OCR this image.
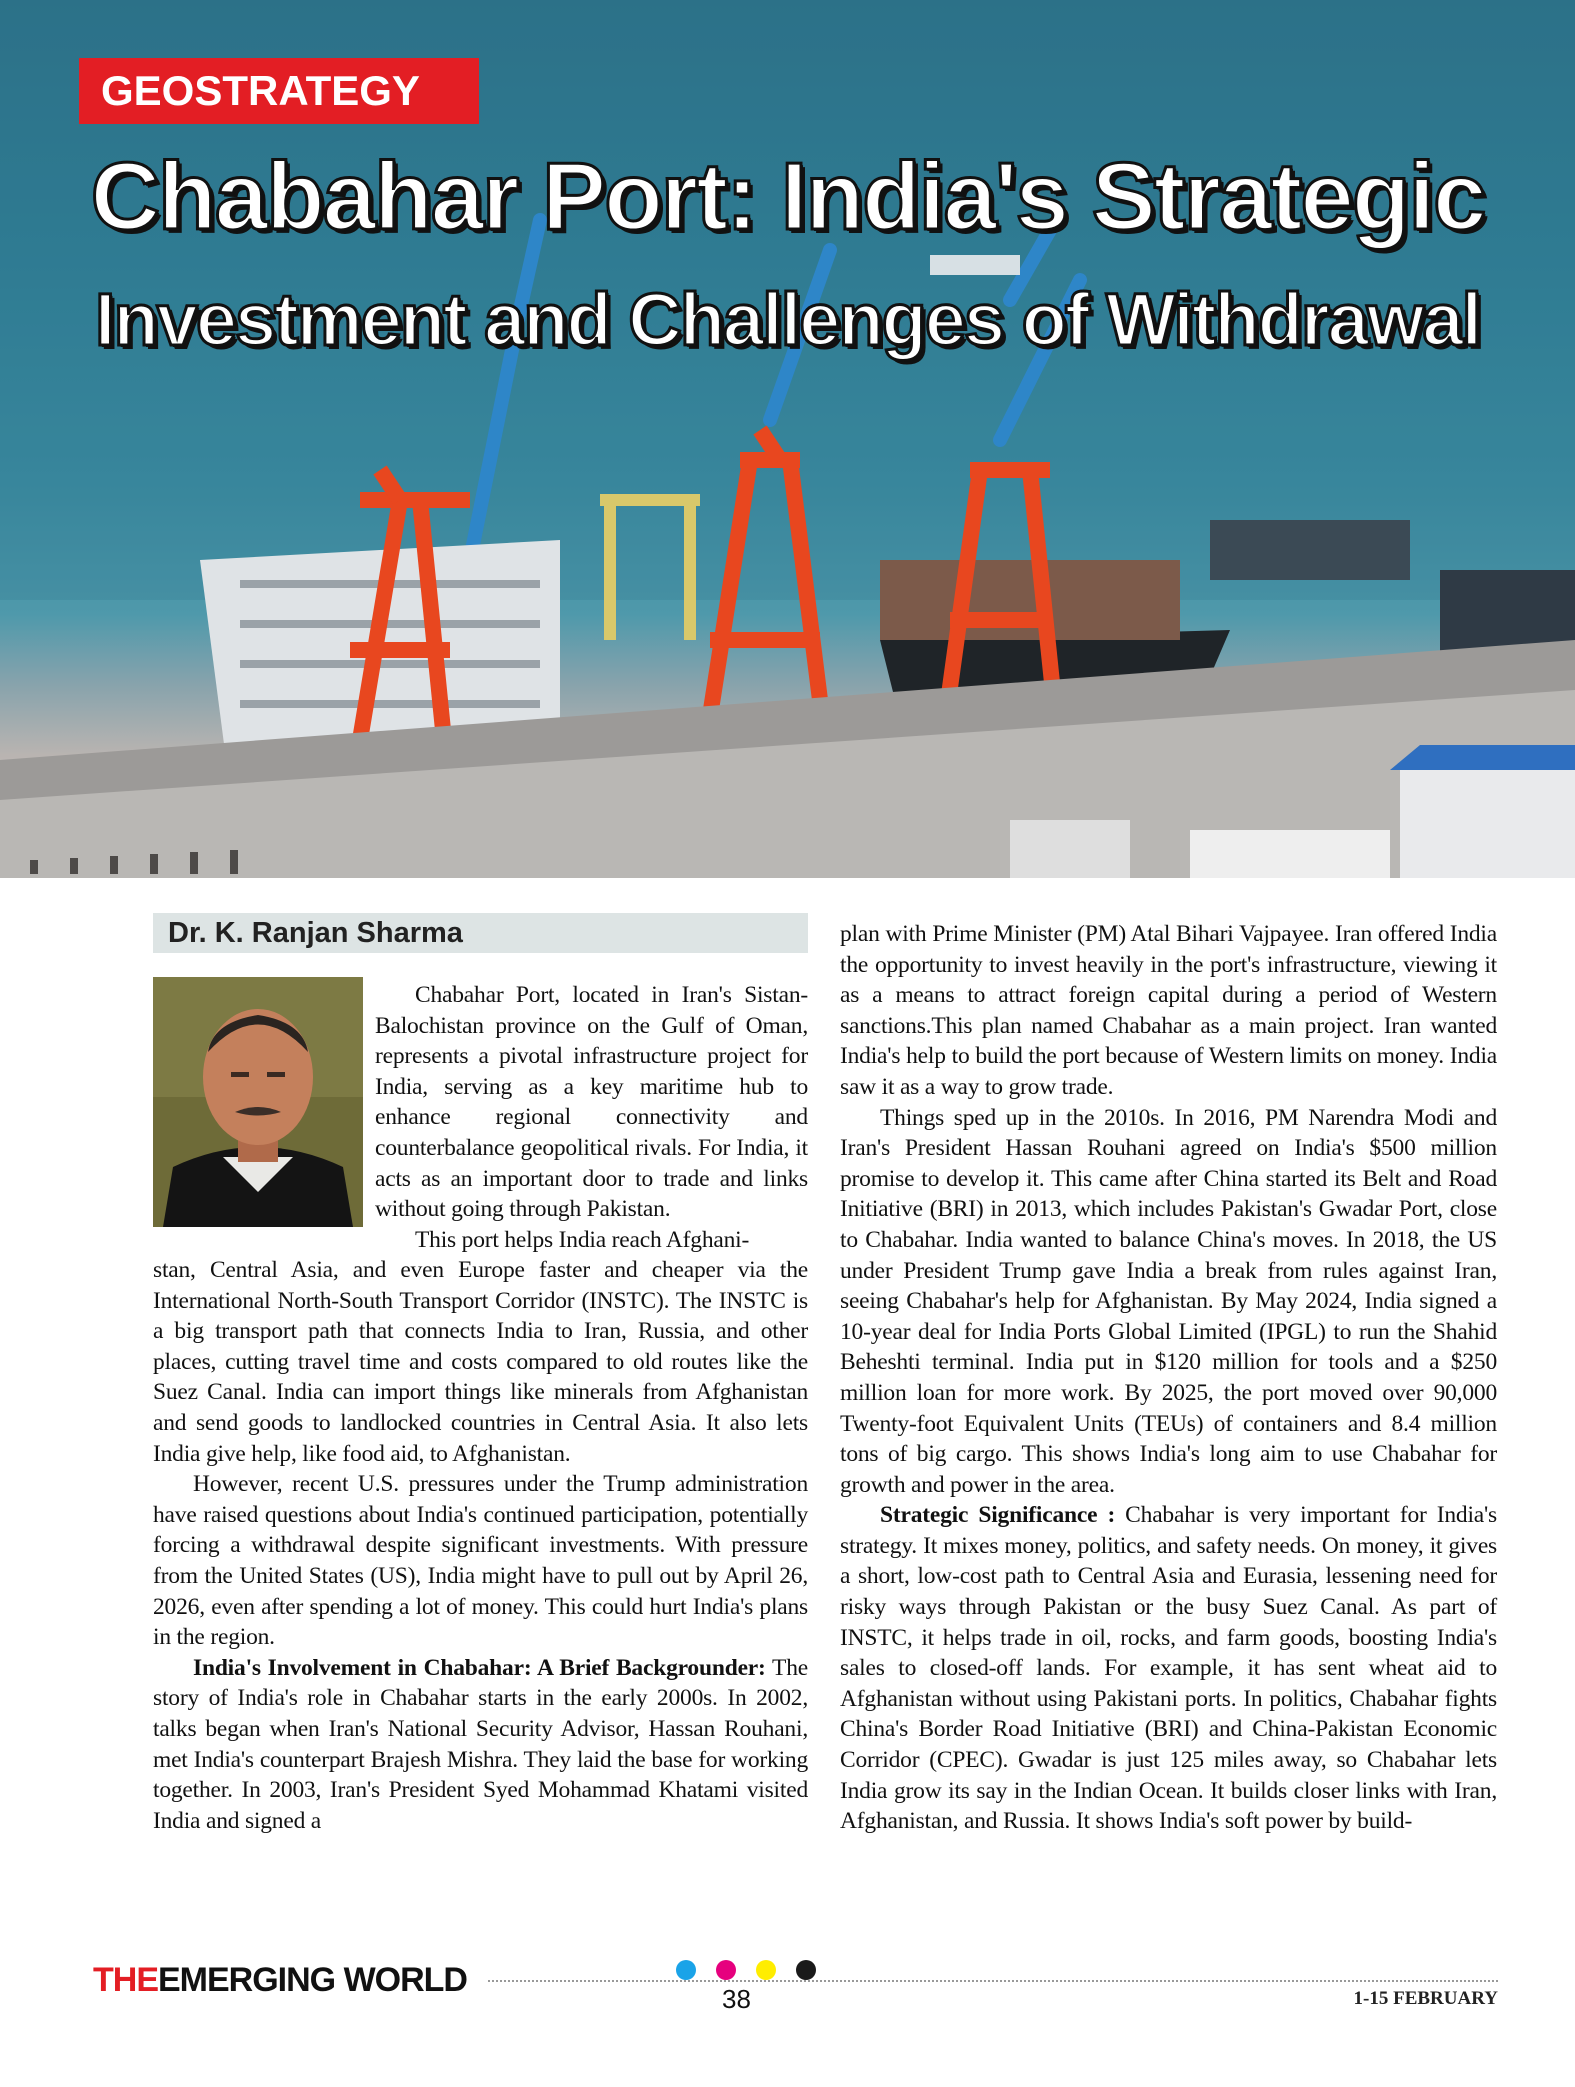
GEOSTRATEGY
Chabahar Port: India's Strategic
Investment and Challenges of Withdrawal
Dr. K. Ranjan Sharma

Chabahar Port, located in Iran's Sistan-Balochistan province on the Gulf of Oman, represents a pivotal infrastructure project for India, serving as a key maritime hub to enhance regional connectivity and counterbalance geopolitical rivals. For India, it acts as an important door to trade and links without going through Pakistan.

This port helps India reach Afghani-

stan, Central Asia, and even Europe faster and cheaper via the International North-South Transport Corridor (INSTC). The INSTC is a big transport path that connects India to Iran, Russia, and other places, cutting travel time and costs compared to old routes like the Suez Canal. India can import things like minerals from Afghanistan and send goods to landlocked countries in Central Asia. It also lets India give help, like food aid, to Afghanistan.

However, recent U.S. pressures under the Trump administration have raised questions about India's continued participation, potentially forcing a withdrawal despite significant investments. With pressure from the United States (US), India might have to pull out by April 26, 2026, even after spending a lot of money. This could hurt India's plans in the region.

India's Involvement in Chabahar: A Brief Backgrounder: The story of India's role in Chabahar starts in the early 2000s. In 2002, talks began when Iran's National Security Advisor, Hassan Rouhani, met India's counterpart Brajesh Mishra. They laid the base for working together. In 2003, Iran's President Syed Mohammad Khatami visited India and signed a

plan with Prime Minister (PM) Atal Bihari Vajpayee. Iran offered India the opportunity to invest heavily in the port's infrastructure, viewing it as a means to attract foreign capital during a period of Western sanctions.This plan named Chabahar as a main project. Iran wanted India's help to build the port because of Western limits on money. India saw it as a way to grow trade.

Things sped up in the 2010s. In 2016, PM Narendra Modi and Iran's President Hassan Rouhani agreed on India's $500 million promise to develop it. This came after China started its Belt and Road Initiative (BRI) in 2013, which includes Pakistan's Gwadar Port, close to Chabahar. India wanted to balance China's moves. In 2018, the US under President Trump gave India a break from rules against Iran, seeing Chabahar's help for Afghanistan. By May 2024, India signed a 10-year deal for India Ports Global Limited (IPGL) to run the Shahid Beheshti terminal. India put in $120 million for tools and a $250 million loan for more work. By 2025, the port moved over 90,000 Twenty-foot Equivalent Units (TEUs) of containers and 8.4 million tons of big cargo. This shows India's long aim to use Chabahar for growth and power in the area.

Strategic Significance : Chabahar is very important for India's strategy. It mixes money, politics, and safety needs. On money, it gives a short, low-cost path to Central Asia and Eurasia, lessening need for risky ways through Pakistan or the busy Suez Canal. As part of INSTC, it helps trade in oil, rocks, and farm goods, boosting India's sales to closed-off lands. For example, it has sent wheat aid to Afghanistan without using Pakistani ports. In politics, Chabahar fights China's Border Road Initiative (BRI) and China-Pakistan Economic Corridor (CPEC). Gwadar is just 125 miles away, so Chabahar lets India grow its say in the Indian Ocean. It builds closer links with Iran, Afghanistan, and Russia. It shows India's soft power by build-

THEEMERGING WORLD	38	1-15 FEBRUARY
